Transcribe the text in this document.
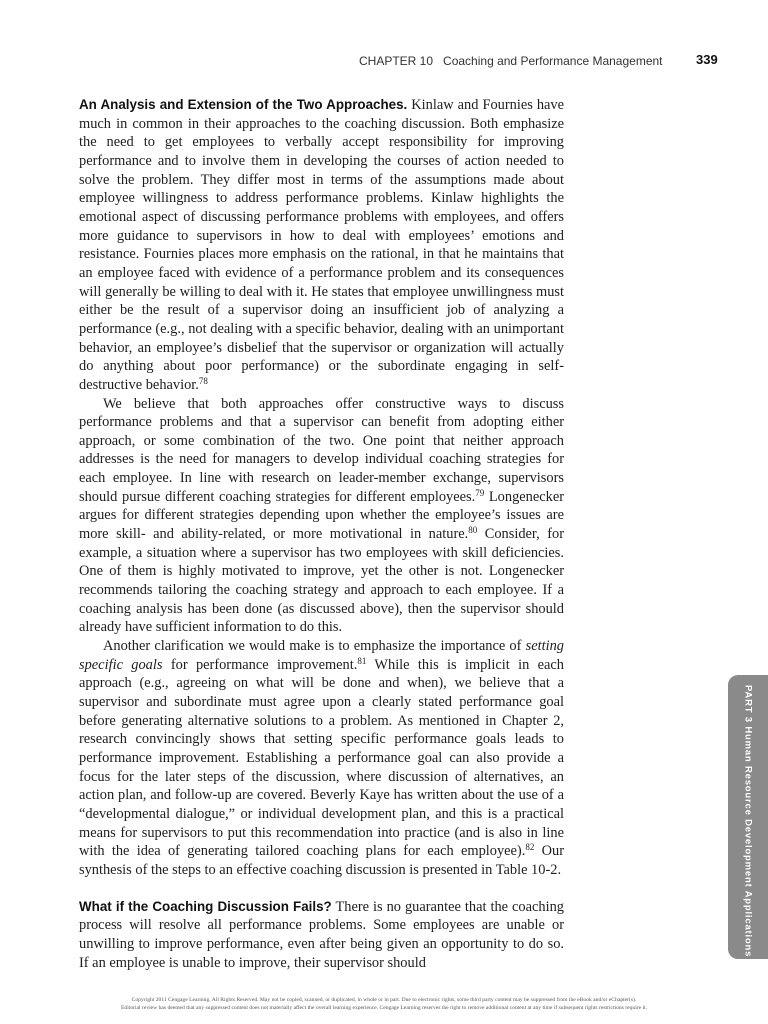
CHAPTER 10 Coaching and Performance Management	339

An Analysis and Extension of the Two Approaches. Kinlaw and Fournies have much in common in their approaches to the coaching discussion. Both emphasize the need to get employees to verbally accept responsibility for improving performance and to involve them in developing the courses of action needed to solve the problem. They differ most in terms of the assumptions made about employee willingness to address performance problems. Kinlaw highlights the emotional aspect of discussing performance problems with employees, and offers more guidance to supervisors in how to deal with employees’ emotions and resistance. Fournies places more emphasis on the rational, in that he maintains that an employee faced with evidence of a performance problem and its consequences will generally be willing to deal with it. He states that employee unwillingness must either be the result of a supervisor doing an insufficient job of analyzing a performance (e.g., not dealing with a specific behavior, dealing with an unimportant behavior, an employee’s disbelief that the supervisor or organization will actually do anything about poor performance) or the subordinate engaging in self-destructive behavior.$^{78}$

We believe that both approaches offer constructive ways to discuss performance problems and that a supervisor can benefit from adopting either approach, or some combination of the two. One point that neither approach addresses is the need for managers to develop individual coaching strategies for each employee. In line with research on leader-member exchange, supervisors should pursue different coaching strategies for different employees.$^{79}$ Longenecker argues for different strategies depending upon whether the employee’s issues are more skill- and ability-related, or more motivational in nature.$^{80}$ Consider, for example, a situation where a supervisor has two employees with skill deficiencies. One of them is highly motivated to improve, yet the other is not. Longenecker recommends tailoring the coaching strategy and approach to each employee. If a coaching analysis has been done (as discussed above), then the supervisor should already have sufficient information to do this.

Another clarification we would make is to emphasize the importance of setting specific goals for performance improvement.$^{81}$ While this is implicit in each approach (e.g., agreeing on what will be done and when), we believe that a supervisor and subordinate must agree upon a clearly stated performance goal before generating alternative solutions to a problem. As mentioned in Chapter 2, research convincingly shows that setting specific performance goals leads to performance improvement. Establishing a performance goal can also provide a focus for the later steps of the discussion, where discussion of alternatives, an action plan, and follow-up are covered. Beverly Kaye has written about the use of a “developmental dialogue,” or individual development plan, and this is a practical means for supervisors to put this recommendation into practice (and is also in line with the idea of generating tailored coaching plans for each employee).$^{82}$ Our synthesis of the steps to an effective coaching discussion is presented in Table 10-2.

What if the Coaching Discussion Fails? There is no guarantee that the coaching process will resolve all performance problems. Some employees are unable or unwilling to improve performance, even after being given an opportunity to do so. If an employee is unable to improve, their supervisor should

PART 3 Human Resource Development Applications
Copyright 2011 Cengage Learning. All Rights Reserved. May not be copied, scanned, or duplicated, in whole or in part. Due to electronic rights, some third party content may be suppressed from the eBook and/or eChapter(s).
Editorial review has deemed that any suppressed content does not materially affect the overall learning experience. Cengage Learning reserves the right to remove additional content at any time if subsequent rights restrictions require it.
